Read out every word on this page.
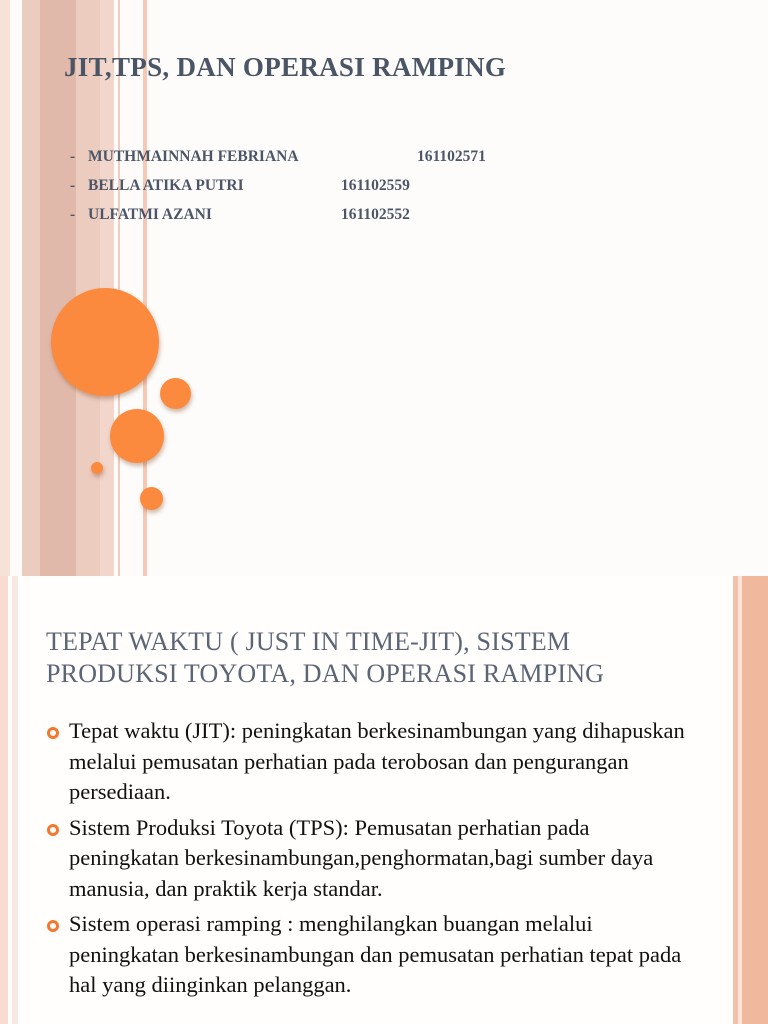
JIT,TPS, DAN OPERASI RAMPING
- MUTHMAINNAH FEBRIANA	161102571
- BELLA ATIKA PUTRI	161102559
- ULFATMI AZANI	161102552
TEPAT WAKTU ( JUST IN TIME-JIT), SISTEM
PRODUKSI TOYOTA, DAN OPERASI RAMPING
Tepat waktu (JIT): peningkatan berkesinambungan yang dihapuskan melalui pemusatan perhatian pada terobosan dan pengurangan persediaan.
Sistem Produksi Toyota (TPS): Pemusatan perhatian pada peningkatan berkesinambungan,penghormatan,bagi sumber daya manusia, dan praktik kerja standar.
Sistem operasi ramping : menghilangkan buangan melalui peningkatan berkesinambungan dan pemusatan perhatian tepat pada hal yang diinginkan pelanggan.
